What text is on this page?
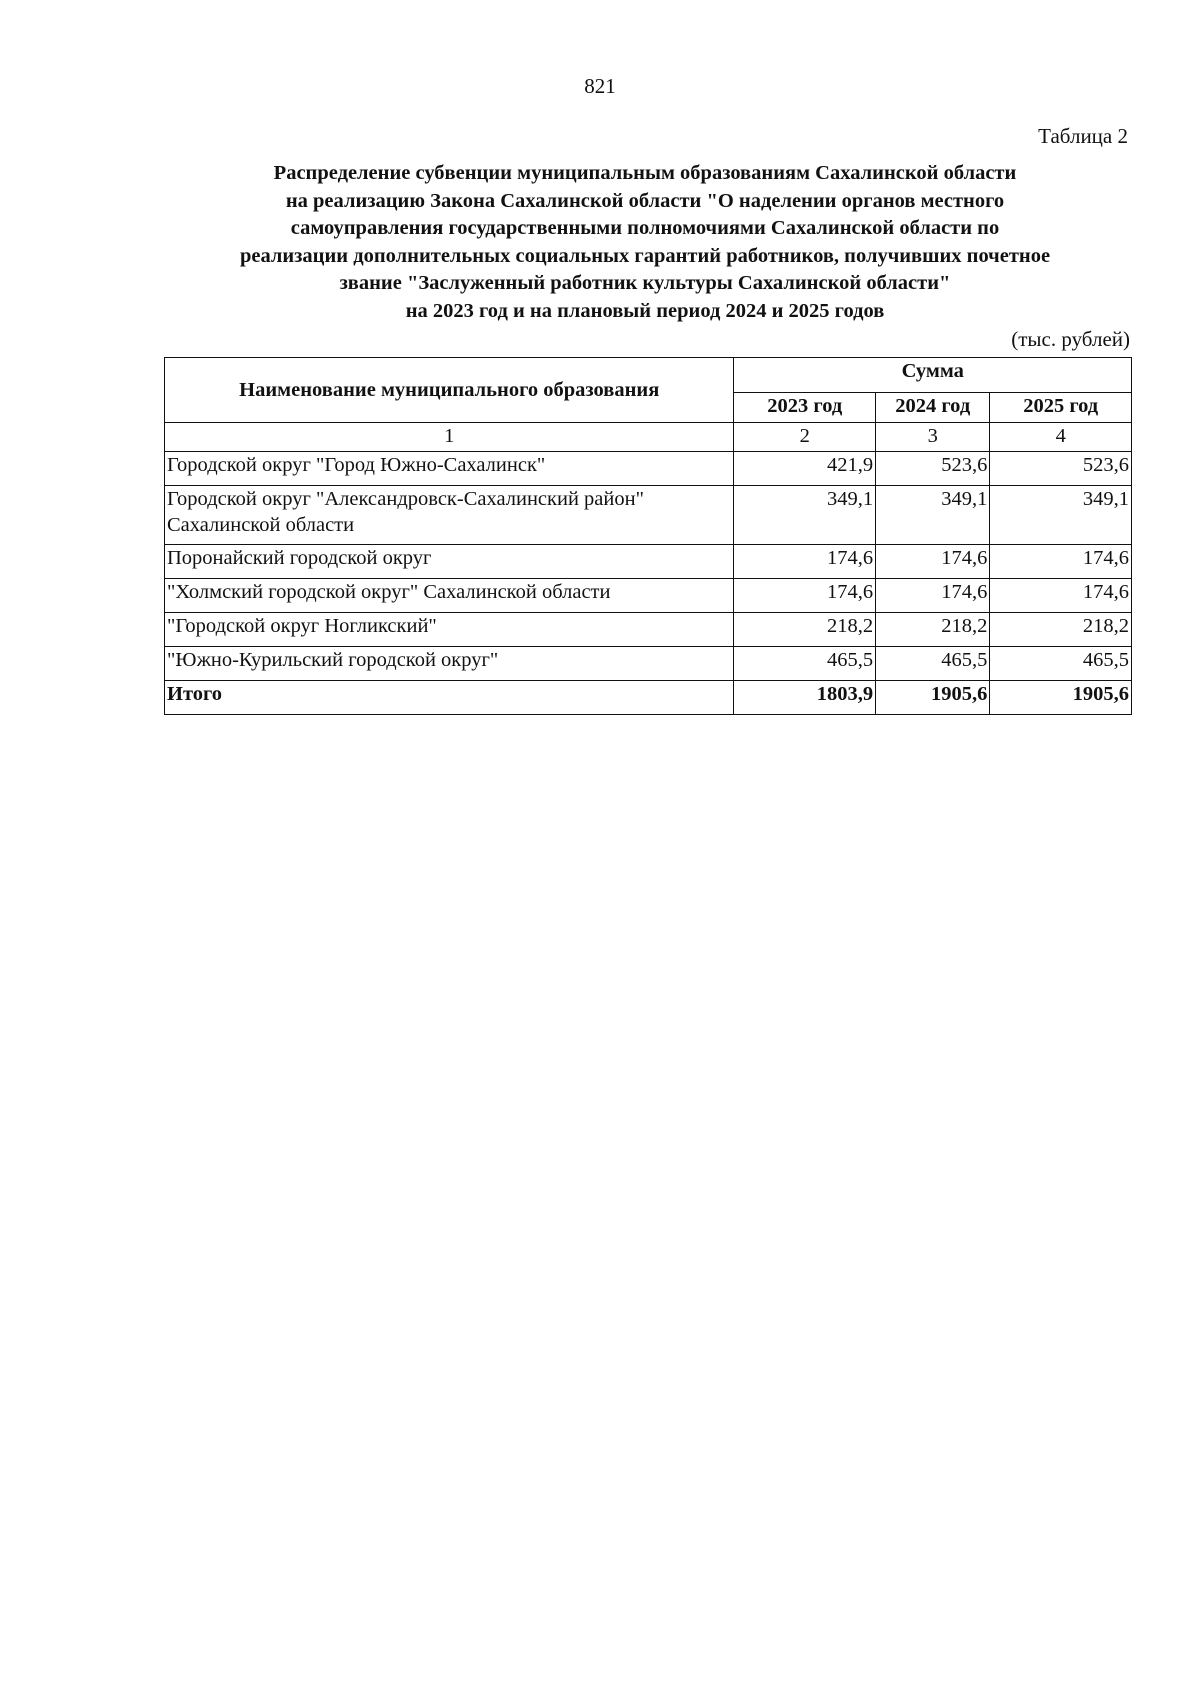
821
Таблица 2
Распределение субвенции муниципальным образованиям Сахалинской области
на реализацию Закона Сахалинской области "О наделении органов местного
самоуправления государственными полномочиями Сахалинской области по
реализации дополнительных социальных гарантий работников, получивших почетное
звание "Заслуженный работник культуры Сахалинской области"
на 2023 год и на плановый период 2024 и 2025 годов
(тыс. рублей)
Наименование муниципального образования	Сумма		
	2023 год	2024 год	2025 год
1	2	3	4
Городской округ "Город Южно-Сахалинск"	421,9	523,6	523,6
Городской округ "Александровск-Сахалинский район" Сахалинской области	349,1	349,1	349,1
Поронайский городской округ	174,6	174,6	174,6
"Холмский городской округ" Сахалинской области	174,6	174,6	174,6
"Городской округ Ногликский"	218,2	218,2	218,2
"Южно-Курильский городской округ"	465,5	465,5	465,5
Итого	1803,9	1905,6	1905,6
